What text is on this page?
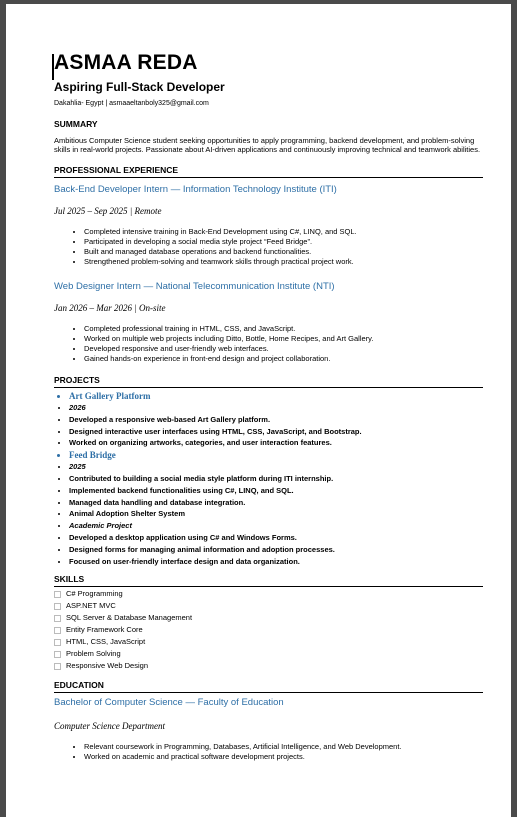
ASMAA REDA
Aspiring Full-Stack Developer
Dakahlia- Egypt | asmaaeltanboly325@gmail.com
SUMMARY
Ambitious Computer Science student seeking opportunities to apply programming, backend development, and problem-solving skills in real-world projects. Passionate about AI-driven applications and continuously improving technical and teamwork abilities.
PROFESSIONAL EXPERIENCE
Back-End Developer Intern — Information Technology Institute (ITI)
Jul 2025 – Sep 2025 | Remote
• Completed intensive training in Back-End Development using C#, LINQ, and SQL.
• Participated in developing a social media style project “Feed Bridge”.
• Built and managed database operations and backend functionalities.
• Strengthened problem-solving and teamwork skills through practical project work.
Web Designer Intern — National Telecommunication Institute (NTI)
Jan 2026 – Mar 2026 | On-site
• Completed professional training in HTML, CSS, and JavaScript.
• Worked on multiple web projects including Ditto, Bottle, Home Recipes, and Art Gallery.
• Developed responsive and user-friendly web interfaces.
• Gained hands-on experience in front-end design and project collaboration.
PROJECTS
• Art Gallery Platform
• 2026
• Developed a responsive web-based Art Gallery platform.
• Designed interactive user interfaces using HTML, CSS, JavaScript, and Bootstrap.
• Worked on organizing artworks, categories, and user interaction features.
• Feed Bridge
• 2025
• Contributed to building a social media style platform during ITI internship.
• Implemented backend functionalities using C#, LINQ, and SQL.
• Managed data handling and database integration.
• Animal Adoption Shelter System
• Academic Project
• Developed a desktop application using C# and Windows Forms.
• Designed forms for managing animal information and adoption processes.
• Focused on user-friendly interface design and data organization.
SKILLS
C# Programming
ASP.NET MVC
SQL Server & Database Management
Entity Framework Core
HTML, CSS, JavaScript
Problem Solving
Responsive Web Design
EDUCATION
Bachelor of Computer Science — Faculty of Education
Computer Science Department
• Relevant coursework in Programming, Databases, Artificial Intelligence, and Web Development.
• Worked on academic and practical software development projects.
